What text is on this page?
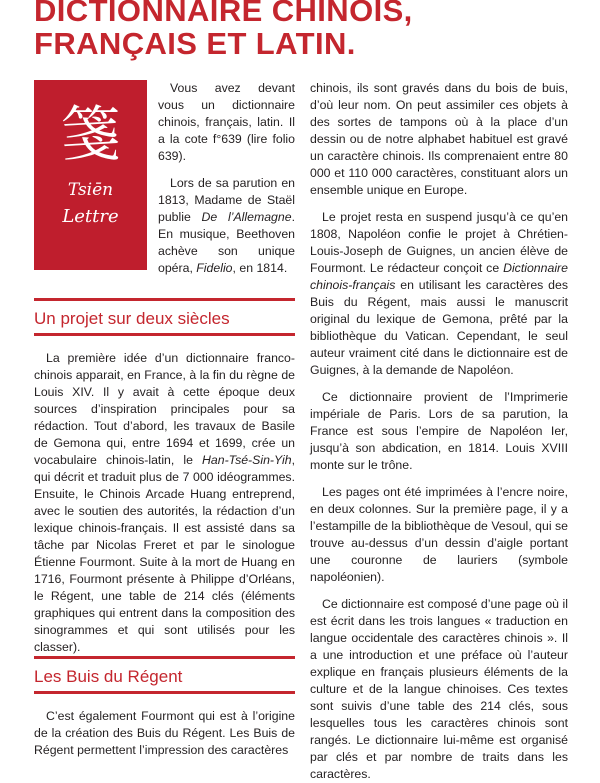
DICTIONNAIRE CHINOIS,
FRANÇAIS ET LATIN.
箋
Tsiēn
Lettre

Vous avez devant vous un dictionnaire chinois, français, latin. Il a la cote f°639 (lire folio 639).

Lors de sa parution en 1813, Madame de Staël publie De l’Allemagne. En musique, Beethoven achève son unique opéra, Fidelio, en 1814.

Un projet sur deux siècles

La première idée d’un dictionnaire franco-chinois apparait, en France, à la fin du règne de Louis XIV. Il y avait à cette époque deux sources d’inspiration principales pour sa rédaction. Tout d’abord, les travaux de Basile de Gemona qui, entre 1694 et 1699, crée un vocabulaire chinois-latin, le Han-Tsé-Sin-Yih, qui décrit et traduit plus de 7 000 idéogrammes. Ensuite, le Chinois Arcade Huang entreprend, avec le soutien des autorités, la rédaction d’un lexique chinois-français. Il est assisté dans sa tâche par Nicolas Freret et par le sinologue Étienne Fourmont. Suite à la mort de Huang en 1716, Fourmont présente à Philippe d’Orléans, le Régent, une table de 214 clés (éléments graphiques qui entrent dans la composition des sinogrammes et qui sont utilisés pour les classer).

Les Buis du Régent

C’est également Fourmont qui est à l’origine de la création des Buis du Régent. Les Buis de Régent permettent l’impression des caractères

chinois, ils sont gravés dans du bois de buis, d’où leur nom. On peut assimiler ces objets à des sortes de tampons où à la place d’un dessin ou de notre alphabet habituel est gravé un caractère chinois. Ils comprenaient entre 80 000 et 110 000 caractères, constituant alors un ensemble unique en Europe.

Le projet resta en suspend jusqu’à ce qu’en 1808, Napoléon confie le projet à Chrétien-Louis-Joseph de Guignes, un ancien élève de Fourmont. Le rédacteur conçoit ce Dictionnaire chinois-français en utilisant les caractères des Buis du Régent, mais aussi le manuscrit original du lexique de Gemona, prêté par la bibliothèque du Vatican. Cependant, le seul auteur vraiment cité dans le dictionnaire est de Guignes, à la demande de Napoléon.

Ce dictionnaire provient de l’Imprimerie impériale de Paris. Lors de sa parution, la France est sous l’empire de Napoléon Ier, jusqu’à son abdication, en 1814. Louis XVIII monte sur le trône.

Les pages ont été imprimées à l’encre noire, en deux colonnes. Sur la première page, il y a l’estampille de la bibliothèque de Vesoul, qui se trouve au-dessus d’un dessin d’aigle portant une couronne de lauriers (symbole napoléonien).

Ce dictionnaire est composé d’une page où il est écrit dans les trois langues « traduction en langue occidentale des caractères chinois ». Il a une introduction et une préface où l’auteur explique en français plusieurs éléments de la culture et de la langue chinoises. Ces textes sont suivis d’une table des 214 clés, sous lesquelles tous les caractères chinois sont rangés. Le dictionnaire lui-même est organisé par clés et par nombre de traits dans les caractères.
